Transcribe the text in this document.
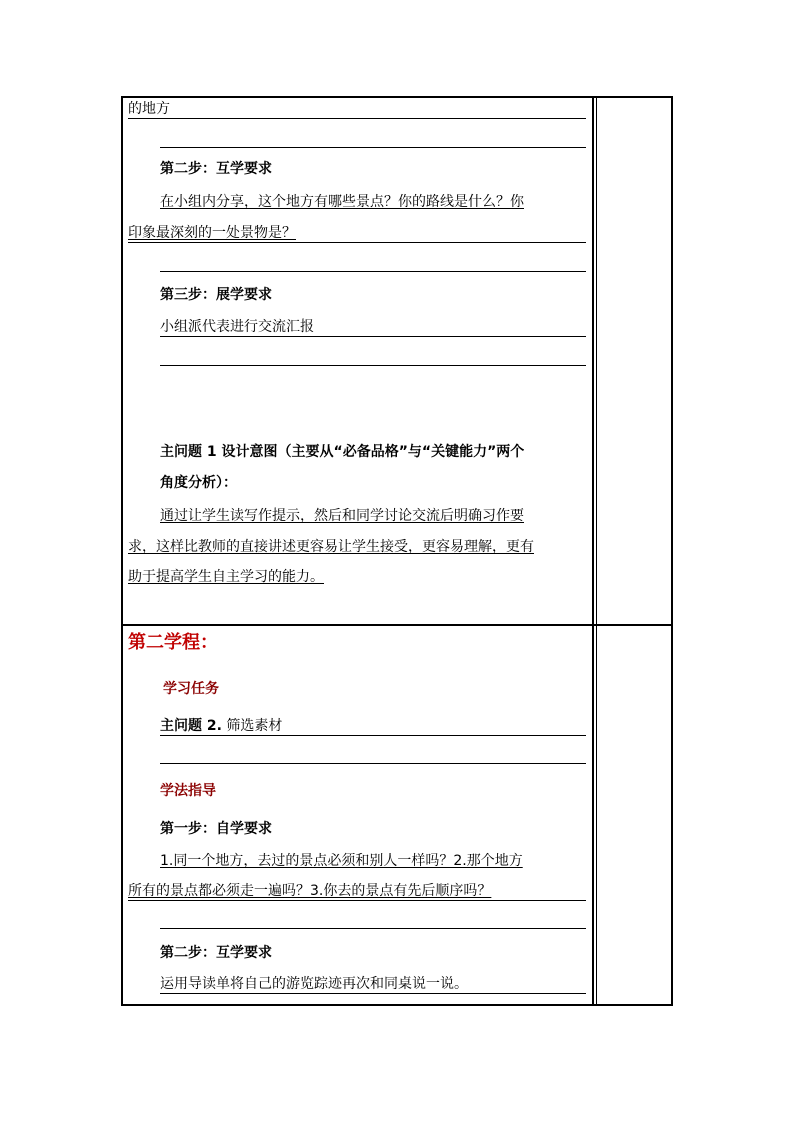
的地方
第二步：互学要求
在小组内分享，这个地方有哪些景点？你的路线是什么？你
印象最深刻的一处景物是？
第三步：展学要求
小组派代表进行交流汇报
主问题 1 设计意图（主要从“必备品格”与“关键能力”两个
角度分析）：
通过让学生读写作提示，然后和同学讨论交流后明确习作要
求，这样比教师的直接讲述更容易让学生接受，更容易理解，更有
助于提高学生自主学习的能力。
第二学程：
学习任务
主问题 2. 筛选素材
学法指导
第一步：自学要求
1.同一个地方，去过的景点必须和别人一样吗？2.那个地方
所有的景点都必须走一遍吗？3.你去的景点有先后顺序吗？
第二步：互学要求
运用导读单将自己的游览踪迹再次和同桌说一说。
